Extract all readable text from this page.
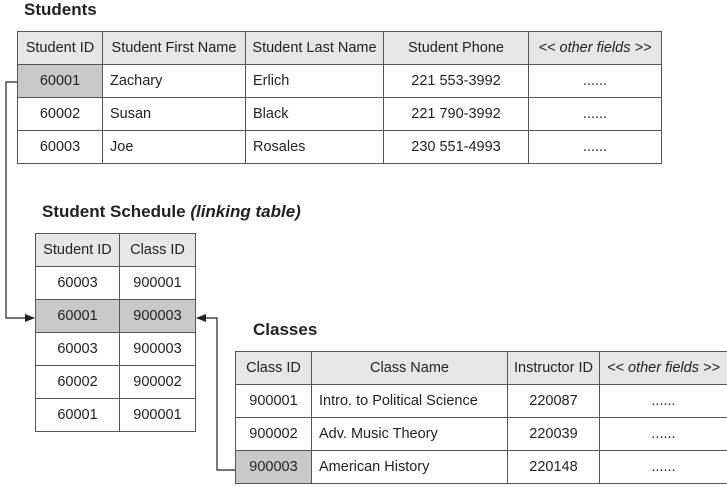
Students
Student ID	Student First Name	Student Last Name	Student Phone	<< other fields >>
60001	Zachary	Erlich	221 553-3992	......
60002	Susan	Black	221 790-3992	......
60003	Joe	Rosales	230 551-4993	......
Student Schedule (linking table)
Student ID	Class ID
60003	900001
60001	900003
60003	900003
60002	900002
60001	900001
Classes
Class ID	Class Name	Instructor ID	<< other fields >>
900001	Intro. to Political Science	220087	......
900002	Adv. Music Theory	220039	......
900003	American History	220148	......
